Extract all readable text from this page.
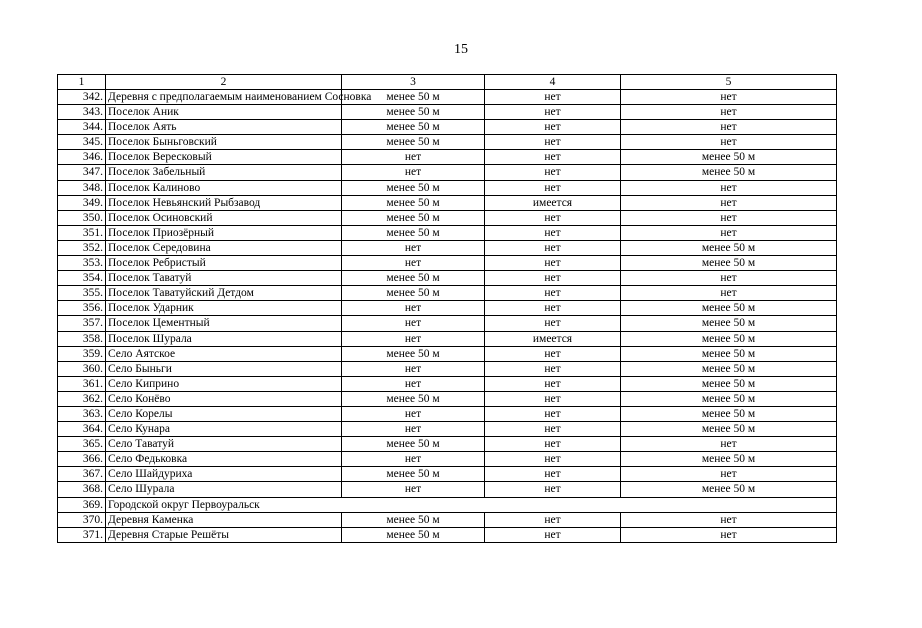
15
1	2	3	4	5
342.	Деревня с предполагаемым наименованием Сосновка	менее 50 м	нет	нет
343.	Поселок Аник	менее 50 м	нет	нет
344.	Поселок Аять	менее 50 м	нет	нет
345.	Поселок Быньговский	менее 50 м	нет	нет
346.	Поселок Вересковый	нет	нет	менее 50 м
347.	Поселок Забельный	нет	нет	менее 50 м
348.	Поселок Калиново	менее 50 м	нет	нет
349.	Поселок Невьянский Рыбзавод	менее 50 м	имеется	нет
350.	Поселок Осиновский	менее 50 м	нет	нет
351.	Поселок Приозёрный	менее 50 м	нет	нет
352.	Поселок Середовина	нет	нет	менее 50 м
353.	Поселок Ребристый	нет	нет	менее 50 м
354.	Поселок Таватуй	менее 50 м	нет	нет
355.	Поселок Таватуйский Детдом	менее 50 м	нет	нет
356.	Поселок Ударник	нет	нет	менее 50 м
357.	Поселок Цементный	нет	нет	менее 50 м
358.	Поселок Шурала	нет	имеется	менее 50 м
359.	Село Аятское	менее 50 м	нет	менее 50 м
360.	Село Быньги	нет	нет	менее 50 м
361.	Село Киприно	нет	нет	менее 50 м
362.	Село Конёво	менее 50 м	нет	менее 50 м
363.	Село Корелы	нет	нет	менее 50 м
364.	Село Кунара	нет	нет	менее 50 м
365.	Село Таватуй	менее 50 м	нет	нет
366.	Село Федьковка	нет	нет	менее 50 м
367.	Село Шайдуриха	менее 50 м	нет	нет
368.	Село Шурала	нет	нет	менее 50 м
369.	Городской округ Первоуральск			
370.	Деревня Каменка	менее 50 м	нет	нет
371.	Деревня Старые Решёты	менее 50 м	нет	нет
